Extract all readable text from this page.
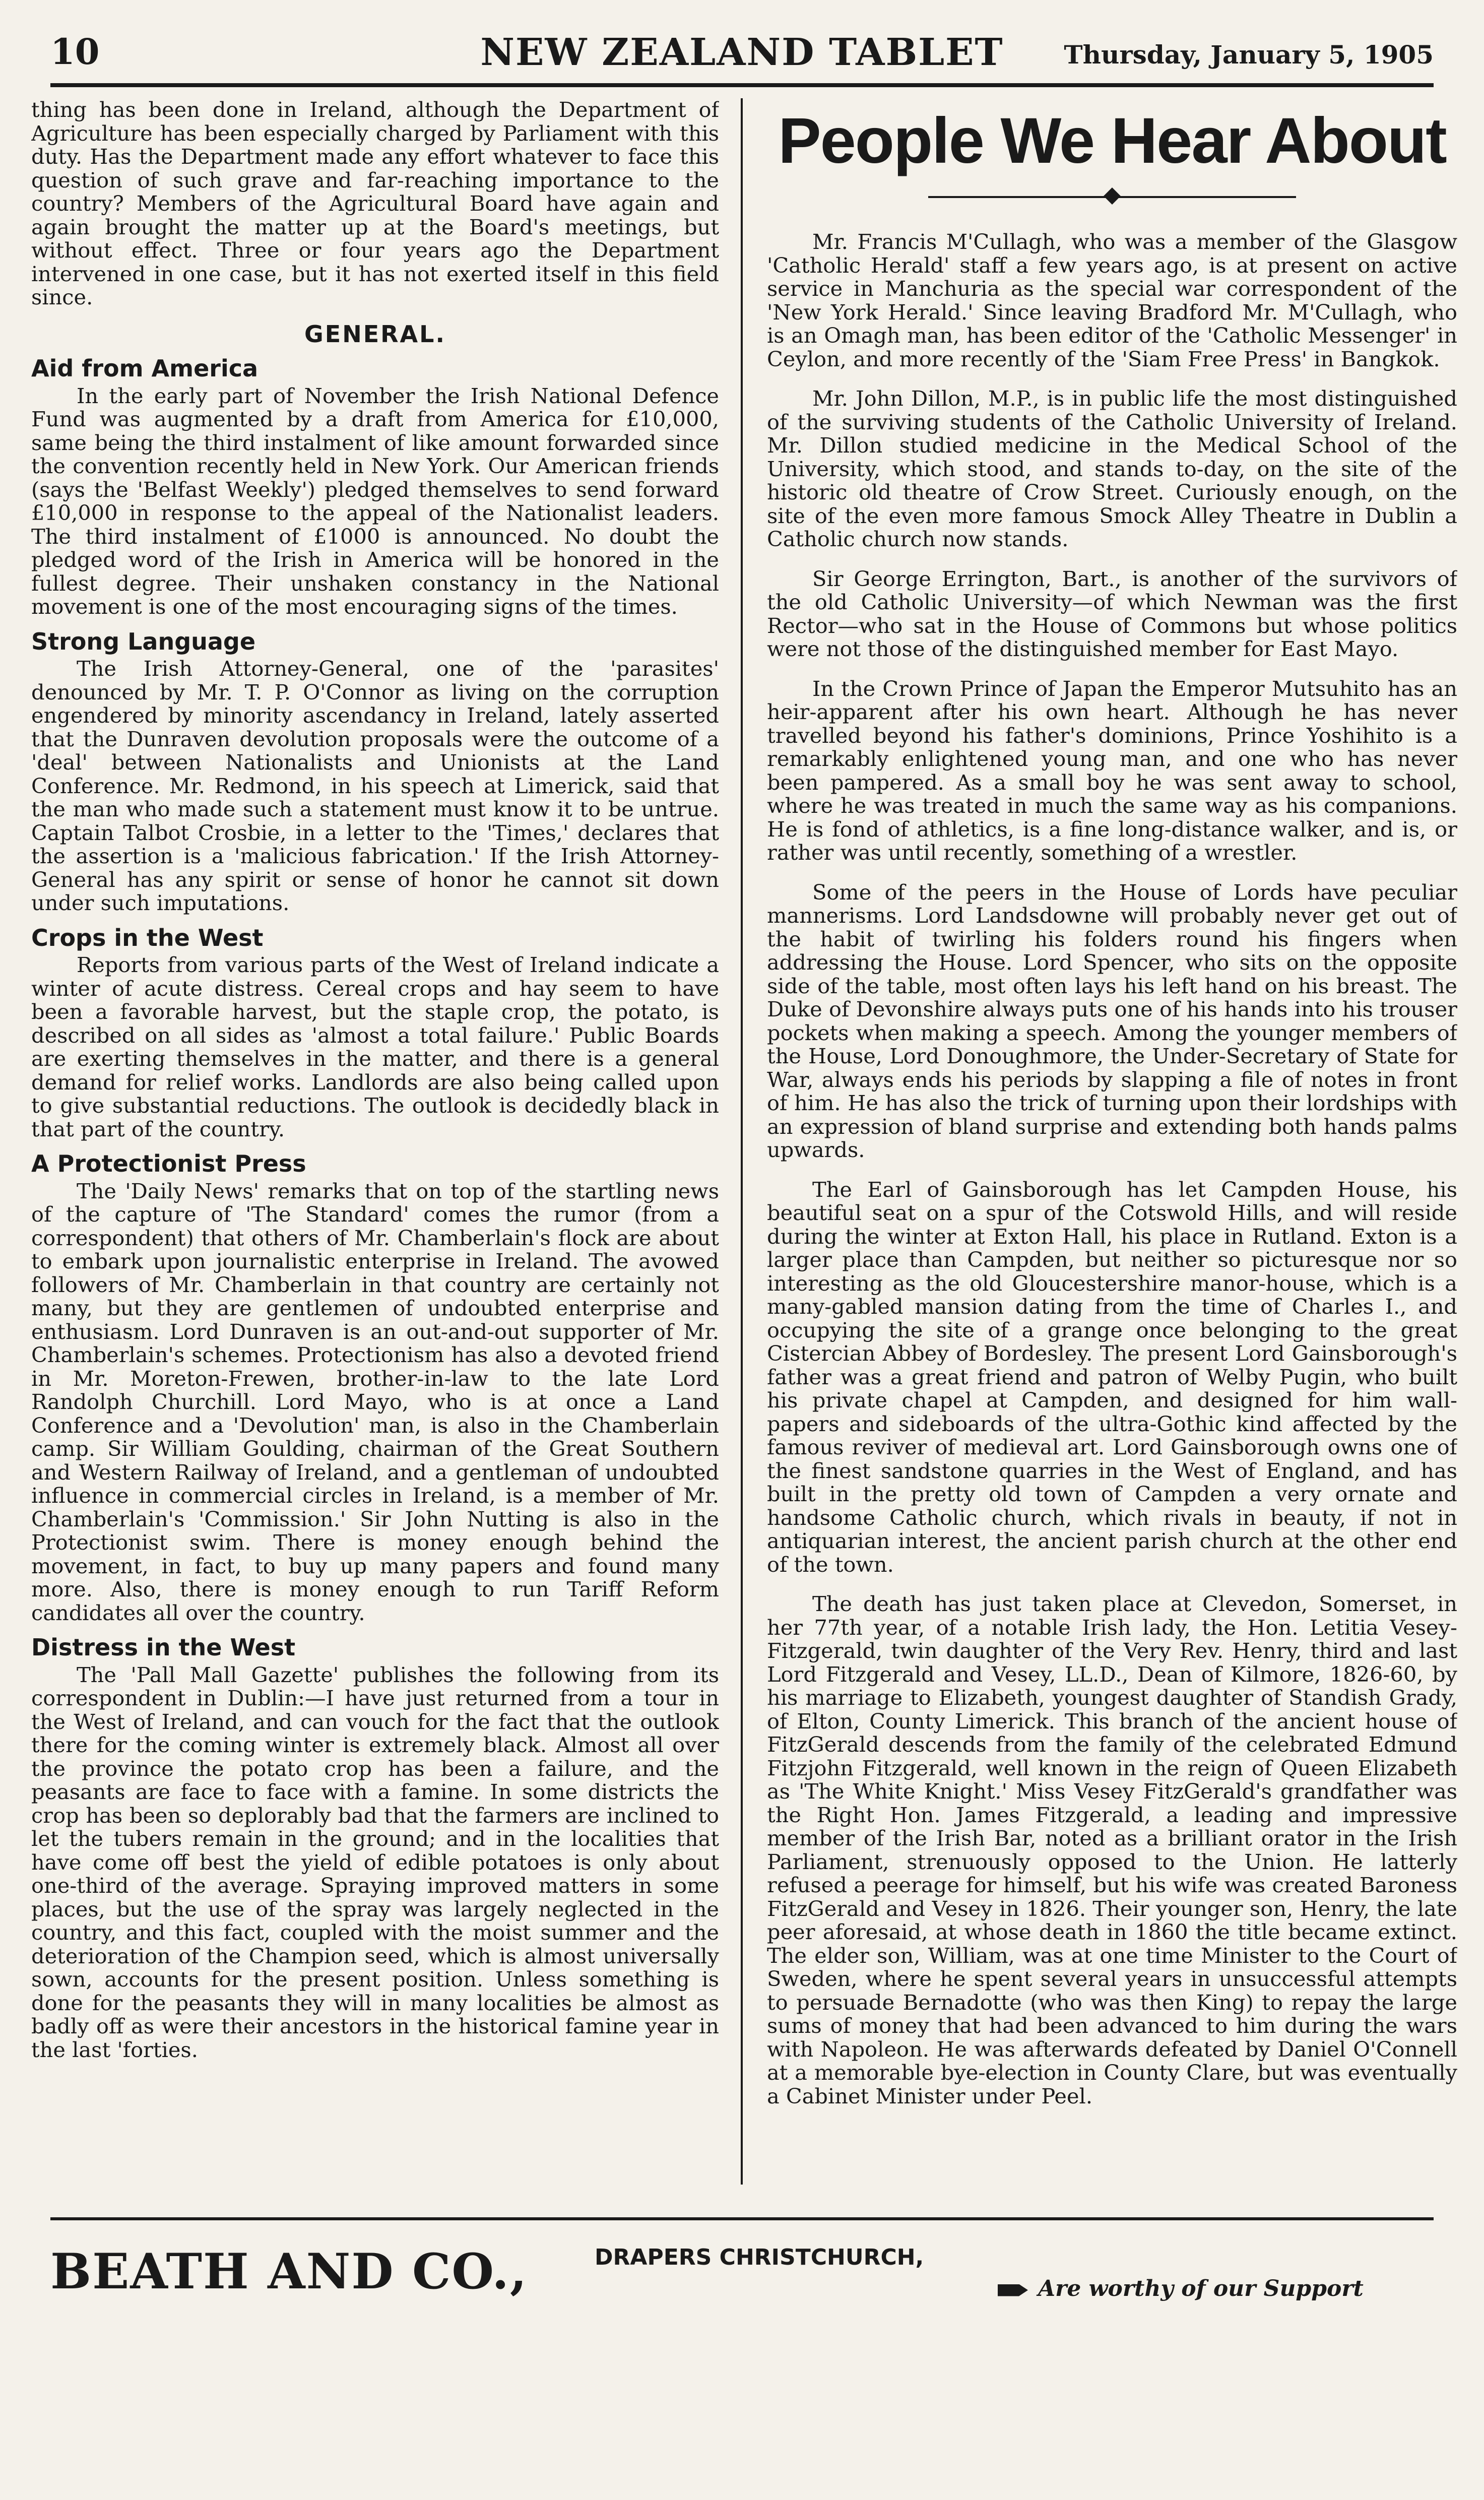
10	NEW ZEALAND TABLET	Thursday, January 5, 1905

thing has been done in Ireland, although the Department of Agriculture has been especially charged by Parliament with this duty. Has the Department made any effort whatever to face this question of such grave and far-reaching importance to the country? Members of the Agricultural Board have again and again brought the matter up at the Board's meetings, but without effect. Three or four years ago the Department intervened in one case, but it has not exerted itself in this field since.

GENERAL.
Aid from America

In the early part of November the Irish National Defence Fund was augmented by a draft from America for £10,000, same being the third instalment of like amount forwarded since the convention recently held in New York. Our American friends (says the 'Belfast Weekly') pledged themselves to send forward £10,000 in response to the appeal of the Nationalist leaders. The third instalment of £1000 is announced. No doubt the pledged word of the Irish in America will be honored in the fullest degree. Their unshaken constancy in the National movement is one of the most encouraging signs of the times.

Strong Language

The Irish Attorney-General, one of the 'parasites' denounced by Mr. T. P. O'Connor as living on the corruption engendered by minority ascendancy in Ireland, lately asserted that the Dunraven devolution proposals were the outcome of a 'deal' between Nationalists and Unionists at the Land Conference. Mr. Redmond, in his speech at Limerick, said that the man who made such a statement must know it to be untrue. Captain Talbot Crosbie, in a letter to the 'Times,' declares that the assertion is a 'malicious fabrication.' If the Irish Attorney-General has any spirit or sense of honor he cannot sit down under such imputations.

Crops in the West

Reports from various parts of the West of Ireland indicate a winter of acute distress. Cereal crops and hay seem to have been a favorable harvest, but the staple crop, the potato, is described on all sides as 'almost a total failure.' Public Boards are exerting themselves in the matter, and there is a general demand for relief works. Landlords are also being called upon to give substantial reductions. The outlook is decidedly black in that part of the country.

A Protectionist Press

The 'Daily News' remarks that on top of the startling news of the capture of 'The Standard' comes the rumor (from a correspondent) that others of Mr. Chamberlain's flock are about to embark upon journalistic enterprise in Ireland. The avowed followers of Mr. Chamberlain in that country are certainly not many, but they are gentlemen of undoubted enterprise and enthusiasm. Lord Dunraven is an out-and-out supporter of Mr. Chamberlain's schemes. Protectionism has also a devoted friend in Mr. Moreton-Frewen, brother-in-law to the late Lord Randolph Churchill. Lord Mayo, who is at once a Land Conference and a 'Devolution' man, is also in the Chamberlain camp. Sir William Goulding, chairman of the Great Southern and Western Railway of Ireland, and a gentleman of undoubted influence in commercial circles in Ireland, is a member of Mr. Chamberlain's 'Commission.' Sir John Nutting is also in the Protectionist swim. There is money enough behind the movement, in fact, to buy up many papers and found many more. Also, there is money enough to run Tariff Reform candidates all over the country.

Distress in the West

The 'Pall Mall Gazette' publishes the following from its correspondent in Dublin:—I have just returned from a tour in the West of Ireland, and can vouch for the fact that the outlook there for the coming winter is extremely black. Almost all over the province the potato crop has been a failure, and the peasants are face to face with a famine. In some districts the crop has been so deplorably bad that the farmers are inclined to let the tubers remain in the ground; and in the localities that have come off best the yield of edible potatoes is only about one-third of the average. Spraying improved matters in some places, but the use of the spray was largely neglected in the country, and this fact, coupled with the moist summer and the deterioration of the Champion seed, which is almost universally sown, accounts for the present position. Unless something is done for the peasants they will in many localities be almost as badly off as were their ancestors in the historical famine year in the last 'forties.

People We Hear About

Mr. Francis M'Cullagh, who was a member of the Glasgow 'Catholic Herald' staff a few years ago, is at present on active service in Manchuria as the special war correspondent of the 'New York Herald.' Since leaving Bradford Mr. M'Cullagh, who is an Omagh man, has been editor of the 'Catholic Messenger' in Ceylon, and more recently of the 'Siam Free Press' in Bangkok.

Mr. John Dillon, M.P., is in public life the most distinguished of the surviving students of the Catholic University of Ireland. Mr. Dillon studied medicine in the Medical School of the University, which stood, and stands to-day, on the site of the historic old theatre of Crow Street. Curiously enough, on the site of the even more famous Smock Alley Theatre in Dublin a Catholic church now stands.

Sir George Errington, Bart., is another of the survivors of the old Catholic University—of which Newman was the first Rector—who sat in the House of Commons but whose politics were not those of the distinguished member for East Mayo.

In the Crown Prince of Japan the Emperor Mutsuhito has an heir-apparent after his own heart. Although he has never travelled beyond his father's dominions, Prince Yoshihito is a remarkably enlightened young man, and one who has never been pampered. As a small boy he was sent away to school, where he was treated in much the same way as his companions. He is fond of athletics, is a fine long-distance walker, and is, or rather was until recently, something of a wrestler.

Some of the peers in the House of Lords have peculiar mannerisms. Lord Landsdowne will probably never get out of the habit of twirling his folders round his fingers when addressing the House. Lord Spencer, who sits on the opposite side of the table, most often lays his left hand on his breast. The Duke of Devonshire always puts one of his hands into his trouser pockets when making a speech. Among the younger members of the House, Lord Donoughmore, the Under-Secretary of State for War, always ends his periods by slapping a file of notes in front of him. He has also the trick of turning upon their lordships with an expression of bland surprise and extending both hands palms upwards.

The Earl of Gainsborough has let Campden House, his beautiful seat on a spur of the Cotswold Hills, and will reside during the winter at Exton Hall, his place in Rutland. Exton is a larger place than Campden, but neither so picturesque nor so interesting as the old Gloucestershire manor-house, which is a many-gabled mansion dating from the time of Charles I., and occupying the site of a grange once belonging to the great Cistercian Abbey of Bordesley. The present Lord Gainsborough's father was a great friend and patron of Welby Pugin, who built his private chapel at Campden, and designed for him wall-papers and sideboards of the ultra-Gothic kind affected by the famous reviver of medieval art. Lord Gainsborough owns one of the finest sandstone quarries in the West of England, and has built in the pretty old town of Campden a very ornate and handsome Catholic church, which rivals in beauty, if not in antiquarian interest, the ancient parish church at the other end of the town.

The death has just taken place at Clevedon, Somerset, in her 77th year, of a notable Irish lady, the Hon. Letitia Vesey-Fitzgerald, twin daughter of the Very Rev. Henry, third and last Lord Fitzgerald and Vesey, LL.D., Dean of Kilmore, 1826-60, by his marriage to Elizabeth, youngest daughter of Standish Grady, of Elton, County Limerick. This branch of the ancient house of FitzGerald descends from the family of the celebrated Edmund Fitzjohn Fitzgerald, well known in the reign of Queen Elizabeth as 'The White Knight.' Miss Vesey FitzGerald's grandfather was the Right Hon. James Fitzgerald, a leading and impressive member of the Irish Bar, noted as a brilliant orator in the Irish Parliament, strenuously opposed to the Union. He latterly refused a peerage for himself, but his wife was created Baroness FitzGerald and Vesey in 1826. Their younger son, Henry, the late peer aforesaid, at whose death in 1860 the title became extinct. The elder son, William, was at one time Minister to the Court of Sweden, where he spent several years in unsuccessful attempts to persuade Bernadotte (who was then King) to repay the large sums of money that had been advanced to him during the wars with Napoleon. He was afterwards defeated by Daniel O'Connell at a memorable bye-election in County Clare, but was eventually a Cabinet Minister under Peel.

BEATH AND CO.,	DRAPERS CHRISTCHURCH,
Are worthy of our Support
